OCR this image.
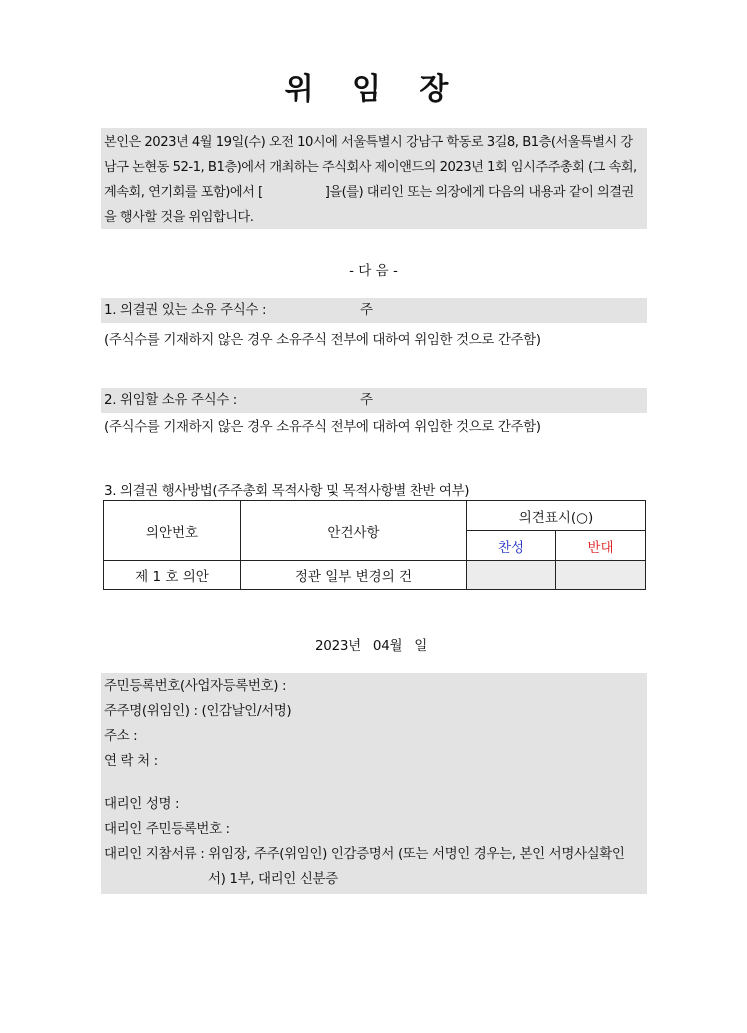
위 임 장
본인은 2023년 4월 19일(수) 오전 10시에 서울특별시 강남구 학동로 3길8, B1층(서울특별시 강남구 논현동 52-1, B1층)에서 개최하는 주식회사 제이앤드의 2023년 1회 임시주주총회 (그 속회, 계속회, 연기회를 포함)에서 [	]을(를) 대리인 또는 의장에게 다음의 내용과 같이 의결권을 행사할 것을 위임합니다.
- 다 음 -
1. 의결권 있는 소유 주식수 :	주
(주식수를 기재하지 않은 경우 소유주식 전부에 대하여 위임한 것으로 간주함)
2. 위임할 소유 주식수 :	주
(주식수를 기재하지 않은 경우 소유주식 전부에 대하여 위임한 것으로 간주함)
3. 의결권 행사방법(주주총회 목적사항 및 목적사항별 찬반 여부)
의안번호	안건사항	의견표시(○)	
		찬성	반대
제 1 호 의안	정관 일부 변경의 건		
2023년 04월 일
주민등록번호(사업자등록번호) :
주주명(위임인) : (인감날인/서명)
주소 :
연 락 처 :
대리인 성명 :
대리인 주민등록번호 :
대리인 지참서류 : 위임장, 주주(위임인) 인감증명서 (또는 서명인 경우는, 본인 서명사실확인
서) 1부, 대리인 신분증
